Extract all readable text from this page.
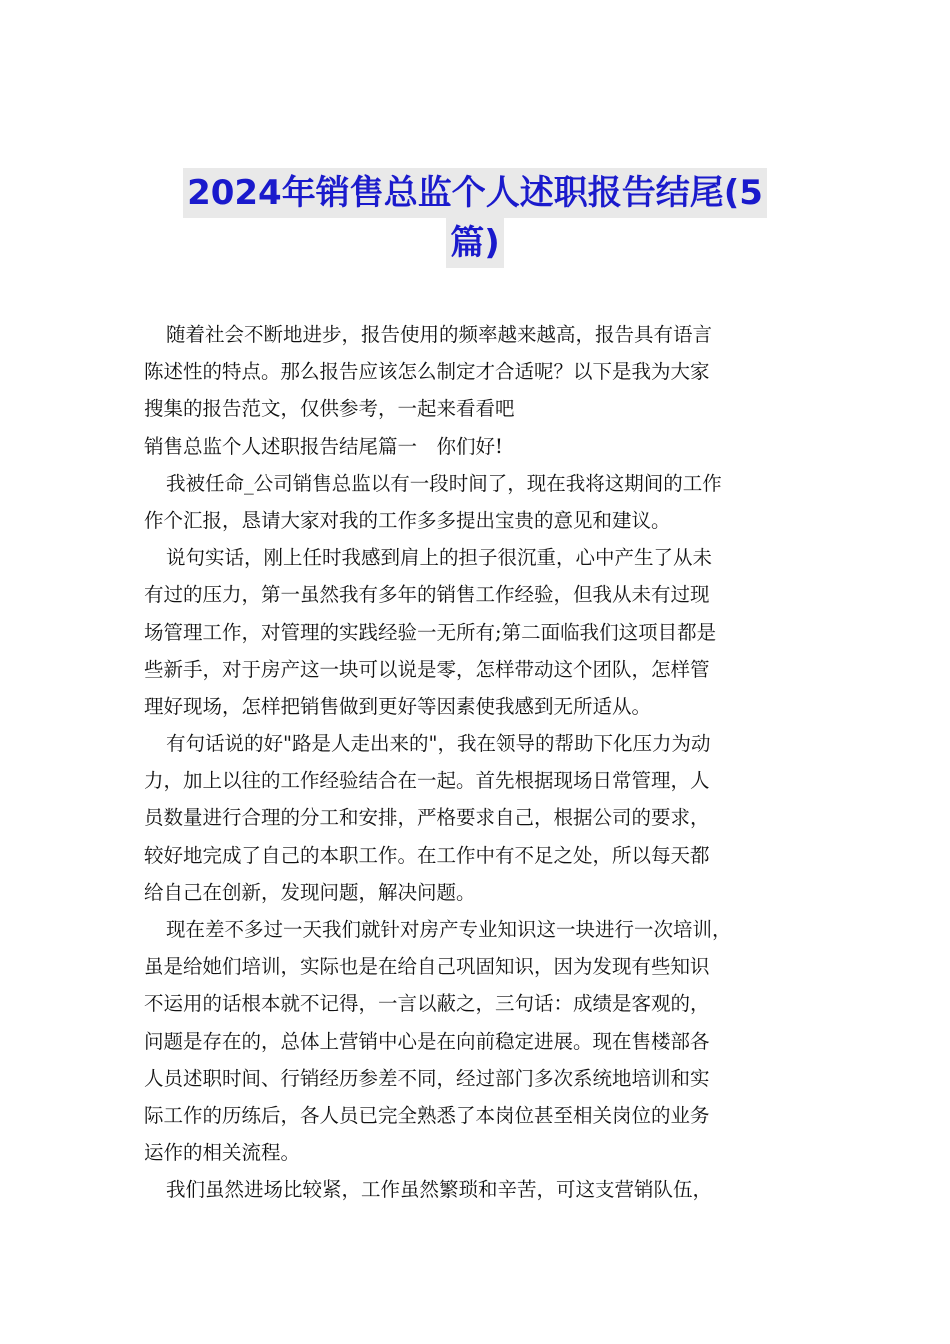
2024年销售总监个人述职报告结尾(5
篇)
随着社会不断地进步，报告使用的频率越来越高，报告具有语言
陈述性的特点。那么报告应该怎么制定才合适呢？以下是我为大家
搜集的报告范文，仅供参考，一起来看看吧
销售总监个人述职报告结尾篇一　你们好!
我被任命_公司销售总监以有一段时间了，现在我将这期间的工作
作个汇报，恳请大家对我的工作多多提出宝贵的意见和建议。
说句实话，刚上任时我感到肩上的担子很沉重，心中产生了从未
有过的压力，第一虽然我有多年的销售工作经验，但我从未有过现
场管理工作，对管理的实践经验一无所有;第二面临我们这项目都是
些新手，对于房产这一块可以说是零，怎样带动这个团队，怎样管
理好现场，怎样把销售做到更好等因素使我感到无所适从。
有句话说的好"路是人走出来的"，我在领导的帮助下化压力为动
力，加上以往的工作经验结合在一起。首先根据现场日常管理，人
员数量进行合理的分工和安排，严格要求自己，根据公司的要求，
较好地完成了自己的本职工作。在工作中有不足之处，所以每天都
给自己在创新，发现问题，解决问题。
现在差不多过一天我们就针对房产专业知识这一块进行一次培训，
虽是给她们培训，实际也是在给自己巩固知识，因为发现有些知识
不运用的话根本就不记得，一言以蔽之，三句话：成绩是客观的，
问题是存在的，总体上营销中心是在向前稳定进展。现在售楼部各
人员述职时间、行销经历参差不同，经过部门多次系统地培训和实
际工作的历练后，各人员已完全熟悉了本岗位甚至相关岗位的业务
运作的相关流程。
我们虽然进场比较紧，工作虽然繁琐和辛苦，可这支营销队伍，
